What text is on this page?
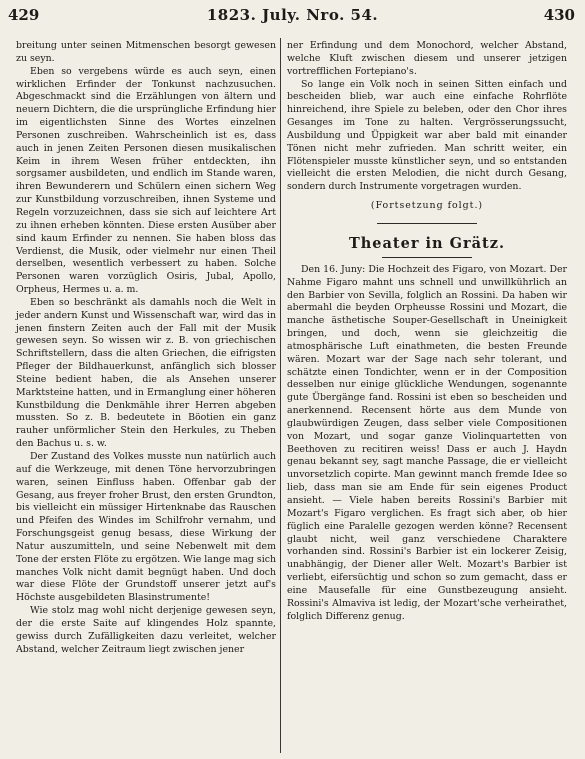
429	1823. July. Nro. 54.	430

breitung unter seinen Mitmenschen besorgt gewesen zu seyn.

Eben so vergebens würde es auch seyn, einen wirklichen Erfinder der Tonkunst nachzusuchen. Abgeschmackt sind die Erzählungen von ältern und neuern Dichtern, die die ursprüngliche Erfindung hier im eigentlichsten Sinne des Wortes einzelnen Personen zuschreiben. Wahrscheinlich ist es, dass auch in jenen Zeiten Personen diesen musikalischen Keim in ihrem Wesen früher entdeckten, ihn sorgsamer ausbildeten, und endlich im Stande waren, ihren Bewunderern und Schülern einen sichern Weg zur Kunstbildung vorzuschreiben, ihnen Systeme und Regeln vorzuzeichnen, dass sie sich auf leichtere Art zu ihnen erheben könnten. Diese ersten Ausüber aber sind kaum Erfinder zu nennen. Sie haben bloss das Verdienst, die Musik, oder vielmehr nur einen Theil derselben, wesentlich verbessert zu haben. Solche Personen waren vorzüglich Osiris, Jubal, Apollo, Orpheus, Hermes u. a. m.

Eben so beschränkt als damahls noch die Welt in jeder andern Kunst und Wissenschaft war, wird das in jenen finstern Zeiten auch der Fall mit der Musik gewesen seyn. So wissen wir z. B. von griechischen Schriftstellern, dass die alten Griechen, die eifrigsten Pfleger der Bildhauerkunst, anfänglich sich blosser Steine bedient haben, die als Ansehen unserer Marktsteine hatten, und in Ermanglung einer höheren Kunstbildung die Denkmähle ihrer Herren abgeben mussten. So z. B. bedeutete in Böotien ein ganz rauher unförmlicher Stein den Herkules, zu Theben den Bachus u. s. w.

Der Zustand des Volkes musste nun natürlich auch auf die Werkzeuge, mit denen Töne hervorzubringen waren, seinen Einfluss haben. Offenbar gab der Gesang, aus freyer froher Brust, den ersten Grundton, bis vielleicht ein müssiger Hirtenknabe das Rauschen und Pfeifen des Windes im Schilfrohr vernahm, und Forschungsgeist genug besass, diese Wirkung der Natur auszumitteln, und seine Nebenwelt mit dem Tone der ersten Flöte zu ergötzen. Wie lange mag sich manches Volk nicht damit begnügt haben. Und doch war diese Flöte der Grundstoff unserer jetzt auf's Höchste ausgebildeten Blasinstrumente!

Wie stolz mag wohl nicht derjenige gewesen seyn, der die erste Saite auf klingendes Holz spannte, gewiss durch Zufälligkeiten dazu verleitet, welcher Abstand, welcher Zeitraum liegt zwischen jener

ner Erfindung und dem Monochord, welcher Abstand, welche Kluft zwischen diesem und unserer jetzigen vortrefflichen Fortepiano's.

So lange ein Volk noch in seinen Sitten einfach und bescheiden blieb, war auch eine einfache Rohrflöte hinreichend, ihre Spiele zu beleben, oder den Chor ihres Gesanges im Tone zu halten. Vergrösserungssucht, Ausbildung und Üppigkeit war aber bald mit einander Tönen nicht mehr zufrieden. Man schritt weiter, ein Flötenspieler musste künstlicher seyn, und so entstanden vielleicht die ersten Melodien, die nicht durch Gesang, sondern durch Instrumente vorgetragen wurden.

(Fortsetzung folgt.)

Theater in Grätz.

Den 16. Juny: Die Hochzeit des Figaro, von Mozart. Der Nahme Figaro mahnt uns schnell und unwillkührlich an den Barbier von Sevilla, folglich an Rossini. Da haben wir abermahl die beyden Orpheusse Rossini und Mozart, die manche ästhetische Souper-Gesellschaft in Uneinigkeit bringen, und doch, wenn sie gleichzeitig die atmosphärische Luft einathmeten, die besten Freunde wären. Mozart war der Sage nach sehr tolerant, und schätzte einen Tondichter, wenn er in der Composition desselben nur einige glückliche Wendungen, sogenannte gute Übergänge fand. Rossini ist eben so bescheiden und anerkennend. Recensent hörte aus dem Munde von glaubwürdigen Zeugen, dass selber viele Compositionen von Mozart, und sogar ganze Violinquartetten von Beethoven zu recitiren weiss! Dass er auch J. Haydn genau bekannt sey, sagt manche Passage, die er vielleicht unvorsetzlich copirte. Man gewinnt manch fremde Idee so lieb, dass man sie am Ende für sein eigenes Product ansieht. — Viele haben bereits Rossini's Barbier mit Mozart's Figaro verglichen. Es fragt sich aber, ob hier füglich eine Paralelle gezogen werden könne? Recensent glaubt nicht, weil ganz verschiedene Charaktere vorhanden sind. Rossini's Barbier ist ein lockerer Zeisig, unabhängig, der Diener aller Welt. Mozart's Barbier ist verliebt, eifersüchtig und schon so zum gemacht, dass er eine Mausefalle für eine Gunstbezeugung ansieht. Rossini's Almaviva ist ledig, der Mozart'sche verheirathet, folglich Differenz genug.
